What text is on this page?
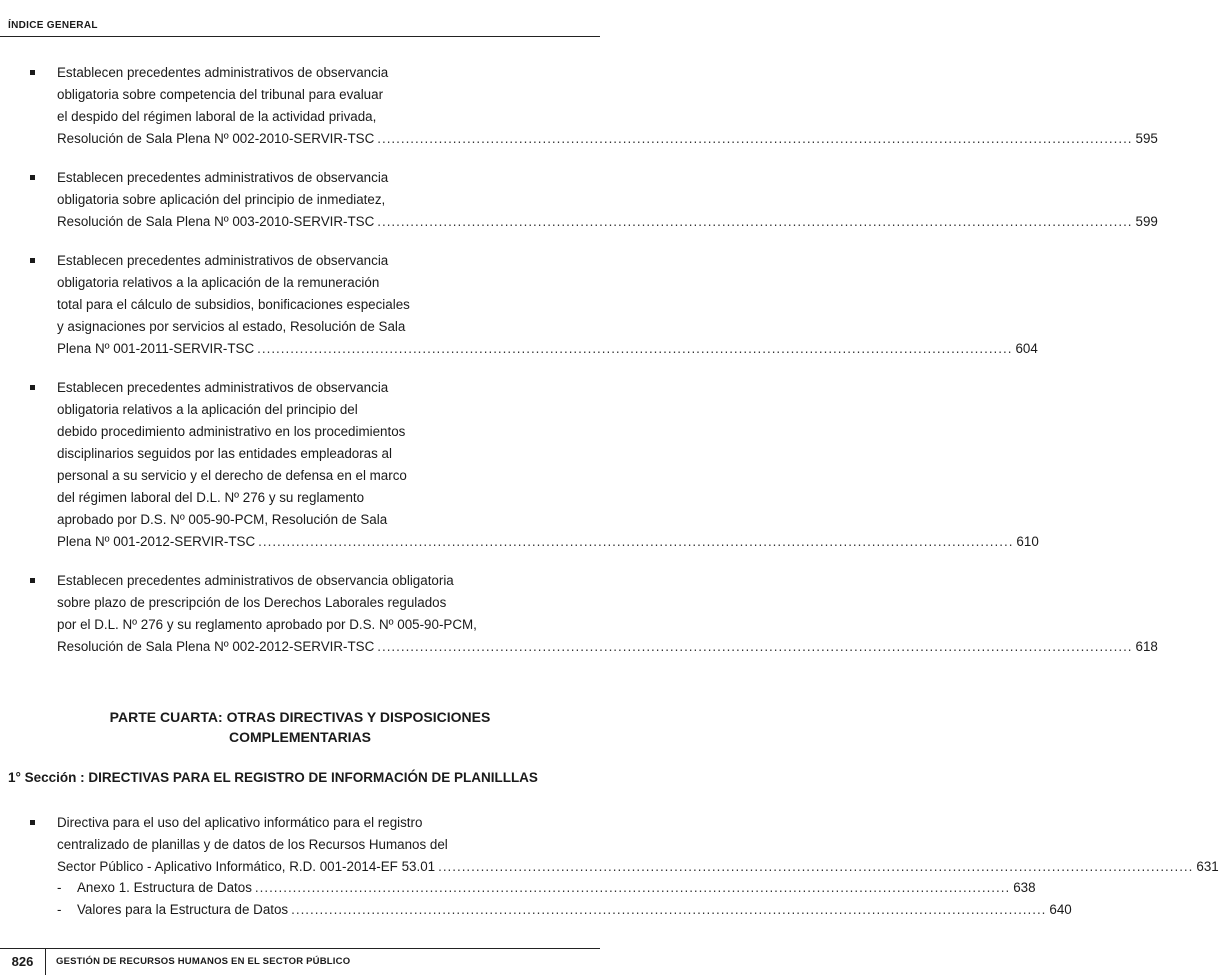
ÍNDICE GENERAL
Establecen precedentes administrativos de observancia
obligatoria sobre competencia del tribunal para evaluar
el despido del régimen laboral de la actividad privada,
Resolución de Sala Plena Nº 002-2010-SERVIR-TSC ................................................................................................................................................................ 595
Establecen precedentes administrativos de observancia
obligatoria sobre aplicación del principio de inmediatez,
Resolución de Sala Plena Nº 003-2010-SERVIR-TSC ................................................................................................................................................................ 599
Establecen precedentes administrativos de observancia
obligatoria relativos a la aplicación de la remuneración
total para el cálculo de subsidios, bonificaciones especiales
y asignaciones por servicios al estado, Resolución de Sala
Plena Nº 001-2011-SERVIR-TSC ................................................................................................................................................................ 604
Establecen precedentes administrativos de observancia
obligatoria relativos a la aplicación del principio del
debido procedimiento administrativo en los procedimientos
disciplinarios seguidos por las entidades empleadoras al
personal a su servicio y el derecho de defensa en el marco
del régimen laboral del D.L. Nº 276 y su reglamento
aprobado por D.S. Nº 005-90-PCM, Resolución de Sala
Plena Nº 001-2012-SERVIR-TSC ................................................................................................................................................................ 610
Establecen precedentes administrativos de observancia obligatoria
sobre plazo de prescripción de los Derechos Laborales regulados
por el D.L. Nº 276 y su reglamento aprobado por D.S. Nº 005-90-PCM,
Resolución de Sala Plena Nº 002-2012-SERVIR-TSC ................................................................................................................................................................ 618
PARTE CUARTA: OTRAS DIRECTIVAS Y DISPOSICIONES
COMPLEMENTARIAS
1° Sección : DIRECTIVAS PARA EL REGISTRO DE INFORMACIÓN DE PLANILLLAS
Directiva para el uso del aplicativo informático para el registro
centralizado de planillas y de datos de los Recursos Humanos del
Sector Público - Aplicativo Informático, R.D. 001-2014-EF 53.01 ................................................................................................................................................................ 631
- Anexo 1. Estructura de Datos ................................................................................................................................................................ 638
- Valores para la Estructura de Datos ................................................................................................................................................................ 640
826	GESTIÓN DE RECURSOS HUMANOS EN EL SECTOR PÚBLICO
